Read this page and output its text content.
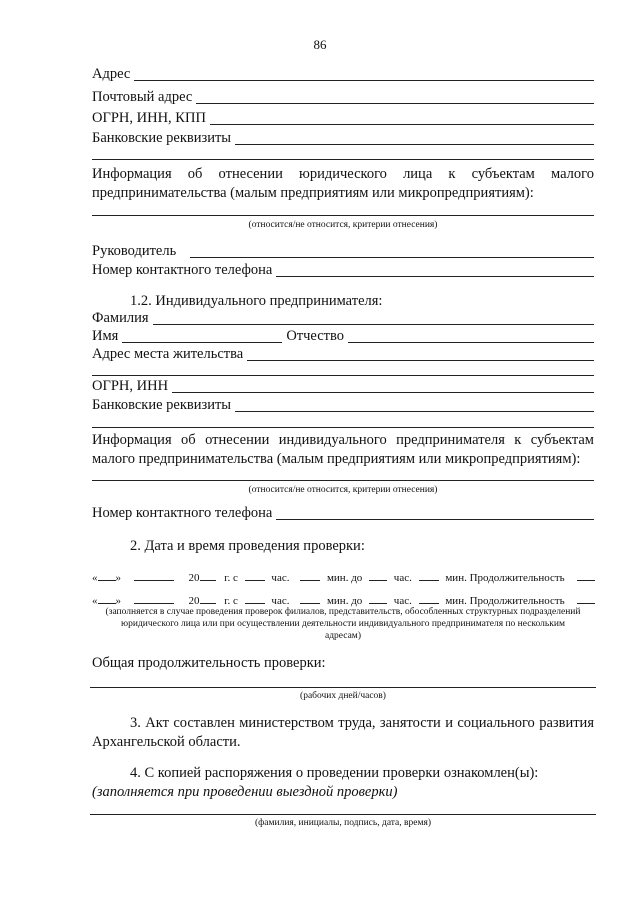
86
Адрес
Почтовый адрес
ОГРН, ИНН, КПП
Банковские реквизиты
Информация об отнесении юридического лица к субъектам малого предпринимательства (малым предприятиям или микропредприятиям):
(относится/не относится, критерии отнесения)
Руководитель
Номер контактного телефона
1.2. Индивидуального предпринимателя:
Фамилия
Имя	Отчество
Адрес места жительства
ОГРН, ИНН
Банковские реквизиты
Информация об отнесении индивидуального предпринимателя к субъектам малого предпринимательства (малым предприятиям или микропредприятиям):
(относится/не относится, критерии отнесения)
Номер контактного телефона
2. Дата и время проведения проверки:
« »	20 г. с	час.	мин. до	час.	мин. Продолжительность
« »	20 г. с	час.	мин. до	час.	мин. Продолжительность
(заполняется в случае проведения проверок филиалов, представительств, обособленных структурных подразделений юридического лица или при осуществлении деятельности индивидуального предпринимателя по нескольким адресам)
Общая продолжительность проверки:
(рабочих дней/часов)
3. Акт составлен министерством труда, занятости и социального развития Архангельской области.
4. С копией распоряжения о проведении проверки ознакомлен(ы):
(заполняется при проведении выездной проверки)
(фамилия, инициалы, подпись, дата, время)
